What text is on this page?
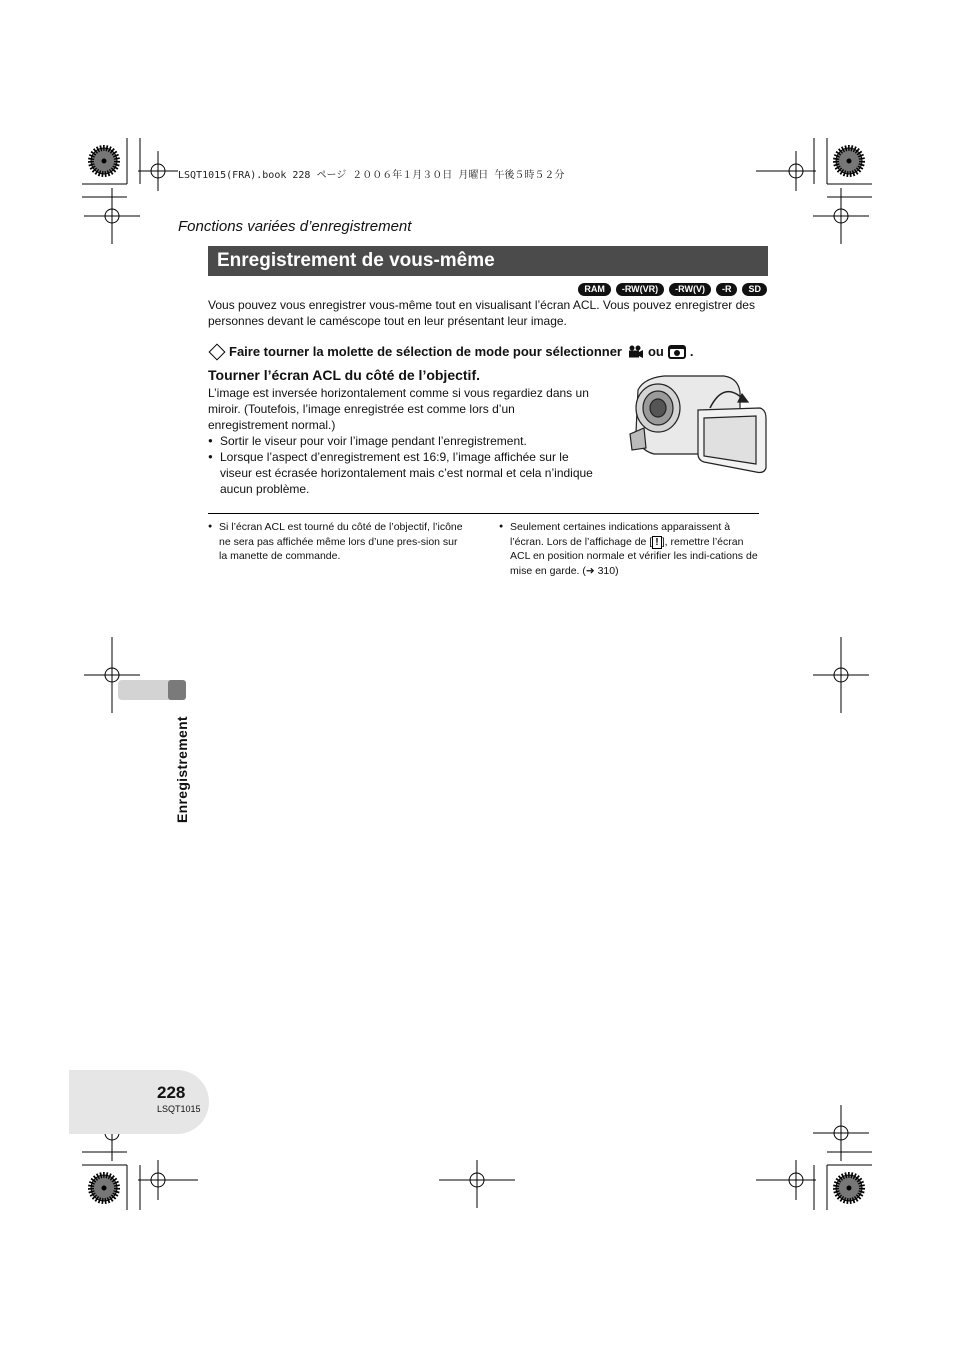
LSQT1015(FRA).book 228 ページ ２００６年１月３０日 月曜日 午後５時５２分
Fonctions variées d’enregistrement
Enregistrement de vous-même
RAM	-RW(VR)	-RW(V)	-R	SD
Vous pouvez vous enregistrer vous-même tout en visualisant l’écran ACL. Vous pouvez enregistrer des personnes devant le caméscope tout en leur présentant leur image.
Faire tourner la molette de sélection de mode pour sélectionner ou .
Tourner l’écran ACL du côté de l’objectif.

L’image est inversée horizontalement comme si vous regardiez dans un miroir. (Toutefois, l’image enregistrée est comme lors d’un enregistrement normal.)

● Sortir le viseur pour voir l’image pendant l’enregistrement.

● Lorsque l’aspect d’enregistrement est 16:9, l’image affichée sur le viseur est écrasée horizontalement mais c’est normal et cela n’indique aucun problème.

● Si l’écran ACL est tourné du côté de l’objectif, l’icône ne sera pas affichée même lors d’une pres-sion sur la manette de commande.

● Seulement certaines indications apparaissent à l’écran. Lors de l’affichage de [ ! ], remettre l’écran ACL en position normale et vérifier les indi-cations de mise en garde. (➜ 310)

Enregistrement
228
LSQT1015
